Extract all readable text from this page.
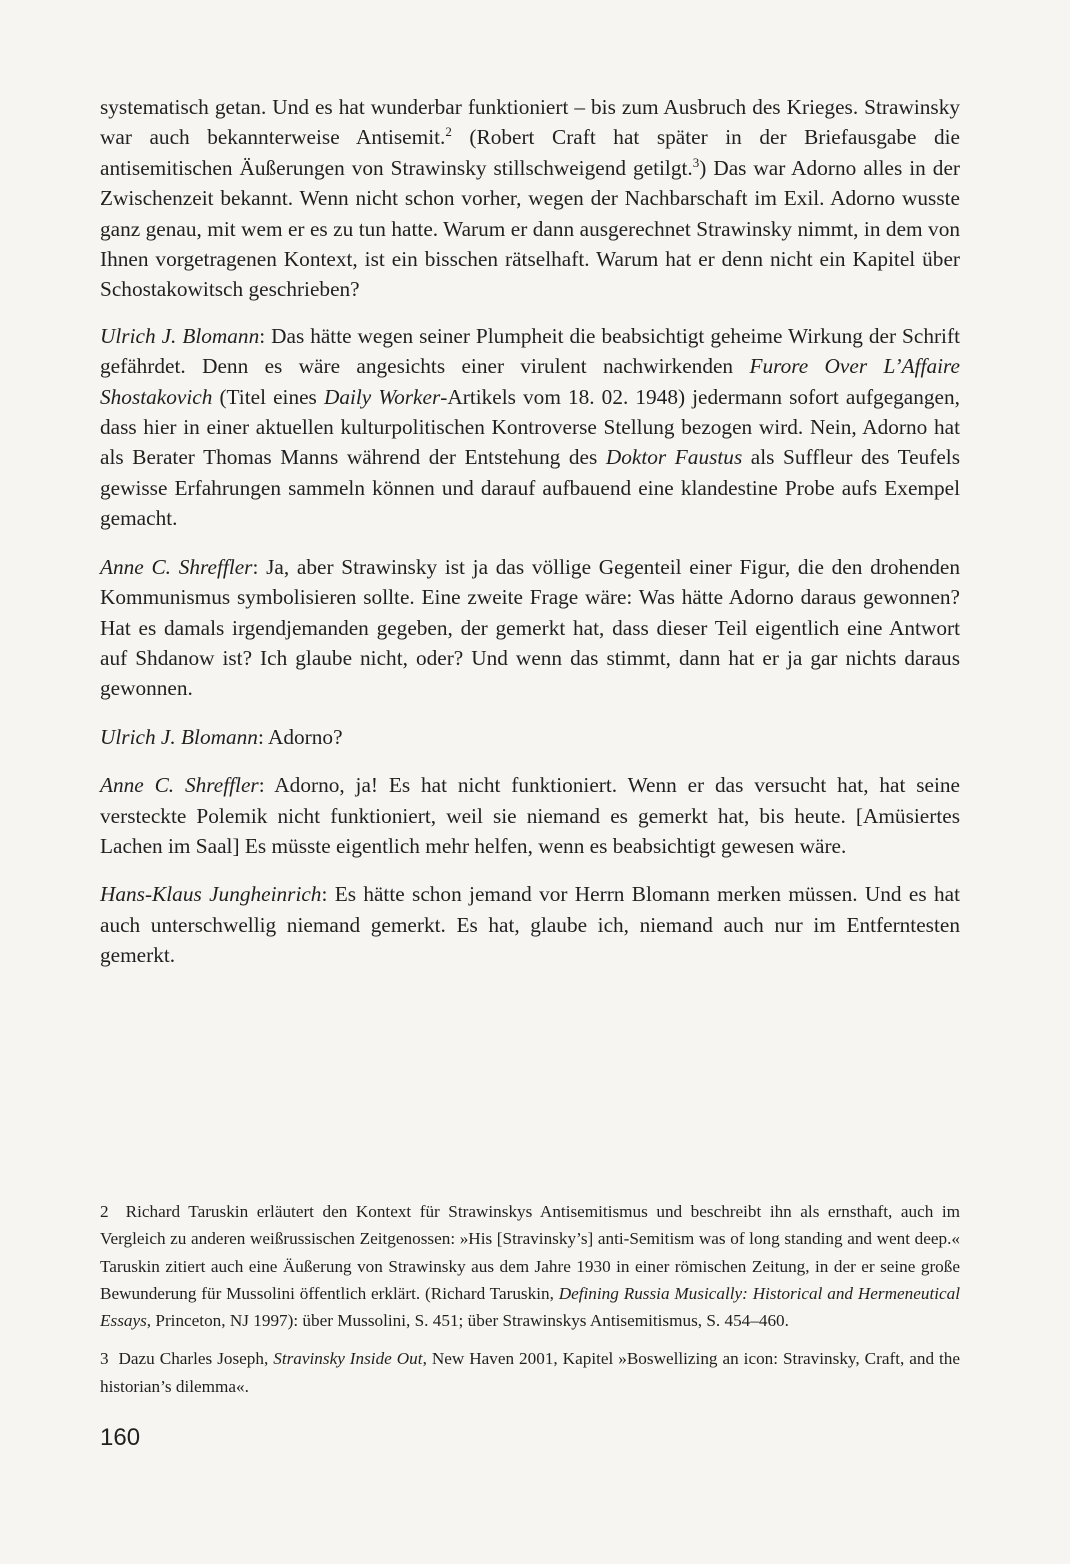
systematisch getan. Und es hat wunderbar funktioniert – bis zum Ausbruch des Krieges. Strawinsky war auch bekannterweise Antisemit.$^2$ (Robert Craft hat später in der Briefausgabe die antisemitischen Äußerungen von Strawinsky stillschweigend getilgt.$^3$) Das war Adorno alles in der Zwischenzeit bekannt. Wenn nicht schon vorher, wegen der Nachbarschaft im Exil. Adorno wusste ganz genau, mit wem er es zu tun hatte. Warum er dann ausgerechnet Strawinsky nimmt, in dem von Ihnen vorgetragenen Kontext, ist ein bisschen rätselhaft. Warum hat er denn nicht ein Kapitel über Schostakowitsch geschrieben?

Ulrich J. Blomann: Das hätte wegen seiner Plumpheit die beabsichtigt geheime Wirkung der Schrift gefährdet. Denn es wäre angesichts einer virulent nachwirkenden Furore Over L’Affaire Shostakovich (Titel eines Daily Worker-Artikels vom 18. 02. 1948) jedermann sofort aufgegangen, dass hier in einer aktuellen kulturpolitischen Kontroverse Stellung bezogen wird. Nein, Adorno hat als Berater Thomas Manns während der Entstehung des Doktor Faustus als Suffleur des Teufels gewisse Erfahrungen sammeln können und darauf aufbauend eine klandestine Probe aufs Exempel gemacht.

Anne C. Shreffler: Ja, aber Strawinsky ist ja das völlige Gegenteil einer Figur, die den drohenden Kommunismus symbolisieren sollte. Eine zweite Frage wäre: Was hätte Adorno daraus gewonnen? Hat es damals irgendjemanden gegeben, der gemerkt hat, dass dieser Teil eigentlich eine Antwort auf Shdanow ist? Ich glaube nicht, oder? Und wenn das stimmt, dann hat er ja gar nichts daraus gewonnen.

Ulrich J. Blomann: Adorno?

Anne C. Shreffler: Adorno, ja! Es hat nicht funktioniert. Wenn er das versucht hat, hat seine versteckte Polemik nicht funktioniert, weil sie niemand es gemerkt hat, bis heute. [Amüsiertes Lachen im Saal] Es müsste eigentlich mehr helfen, wenn es beabsichtigt gewesen wäre.

Hans-Klaus Jungheinrich: Es hätte schon jemand vor Herrn Blomann merken müssen. Und es hat auch unterschwellig niemand gemerkt. Es hat, glaube ich, niemand auch nur im Entferntesten gemerkt.

2 Richard Taruskin erläutert den Kontext für Strawinskys Antisemitismus und beschreibt ihn als ernsthaft, auch im Vergleich zu anderen weißrussischen Zeitgenossen: »His [Stravinsky’s] anti-Semitism was of long standing and went deep.« Taruskin zitiert auch eine Äußerung von Strawinsky aus dem Jahre 1930 in einer römischen Zeitung, in der er seine große Bewunderung für Mussolini öffentlich erklärt. (Richard Taruskin, Defining Russia Musically: Historical and Hermeneutical Essays, Princeton, NJ 1997): über Mussolini, S. 451; über Strawinskys Antisemitismus, S. 454–460.

3 Dazu Charles Joseph, Stravinsky Inside Out, New Haven 2001, Kapitel »Boswellizing an icon: Stravinsky, Craft, and the historian’s dilemma«.

160
